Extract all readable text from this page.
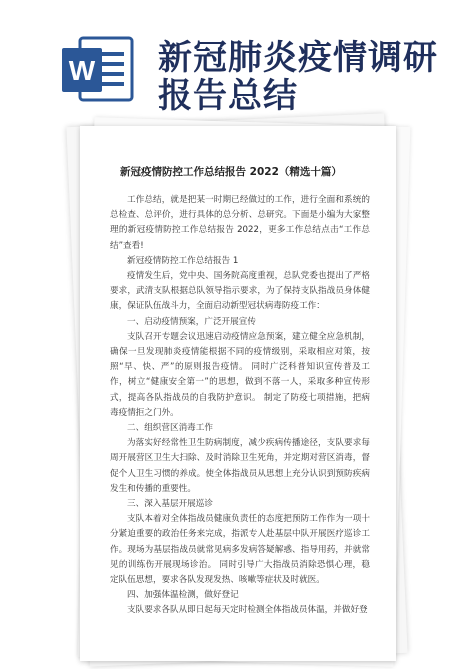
W 新冠肺炎疫情调研
报告总结
新冠疫情防控工作总结报告 2022（精选十篇）

工作总结，就是把某一时期已经做过的工作，进行全面和系统的总检查、总评价，进行具体的总分析、总研究。下面是小编为大家整理的新冠疫情防控工作总结报告 2022，更多工作总结点击“工作总结”查看!

新冠疫情防控工作总结报告 1

疫情发生后，党中央、国务院高度重视，总队党委也提出了严格要求，武清支队根据总队领导指示要求，为了保持支队指战员身体健康，保证队伍战斗力，全面启动新型冠状病毒防疫工作：

一、启动疫情预案，广泛开展宣传

支队召开专题会议迅速启动疫情应急预案，建立健全应急机制，确保一旦发现肺炎疫情能根据不同的疫情级别，采取相应对策，按照“早、快、严”的原则报告疫情。 同时广泛科普知识宣传普及工作，树立“健康安全第一”的思想，做到不落一人，采取多种宣传形式，提高各队指战员的自我防护意识。 制定了防疫七项措施，把病毒疫情拒之门外。

二、组织营区消毒工作

为落实好经常性卫生防病制度，减少疾病传播途径，支队要求每周开展营区卫生大扫除、及时消除卫生死角，并定期对营区消毒，督促个人卫生习惯的养成。使全体指战员从思想上充分认识到预防疾病发生和传播的重要性。

三、深入基层开展巡诊

支队本着对全体指战员健康负责任的态度把预防工作作为一项十分紧迫重要的政治任务来完成，指派专人赴基层中队开展医疗巡诊工作。现场为基层指战员就常见病多发病答疑解惑、指导用药，并就常见的训练伤开展现场诊治。 同时引导广大指战员消除恐惧心理，稳定队伍思想，要求各队发现发热、咳嗽等症状及时就医。

四、加强体温检测，做好登记

支队要求各队从即日起每天定时检测全体指战员体温，并做好登
